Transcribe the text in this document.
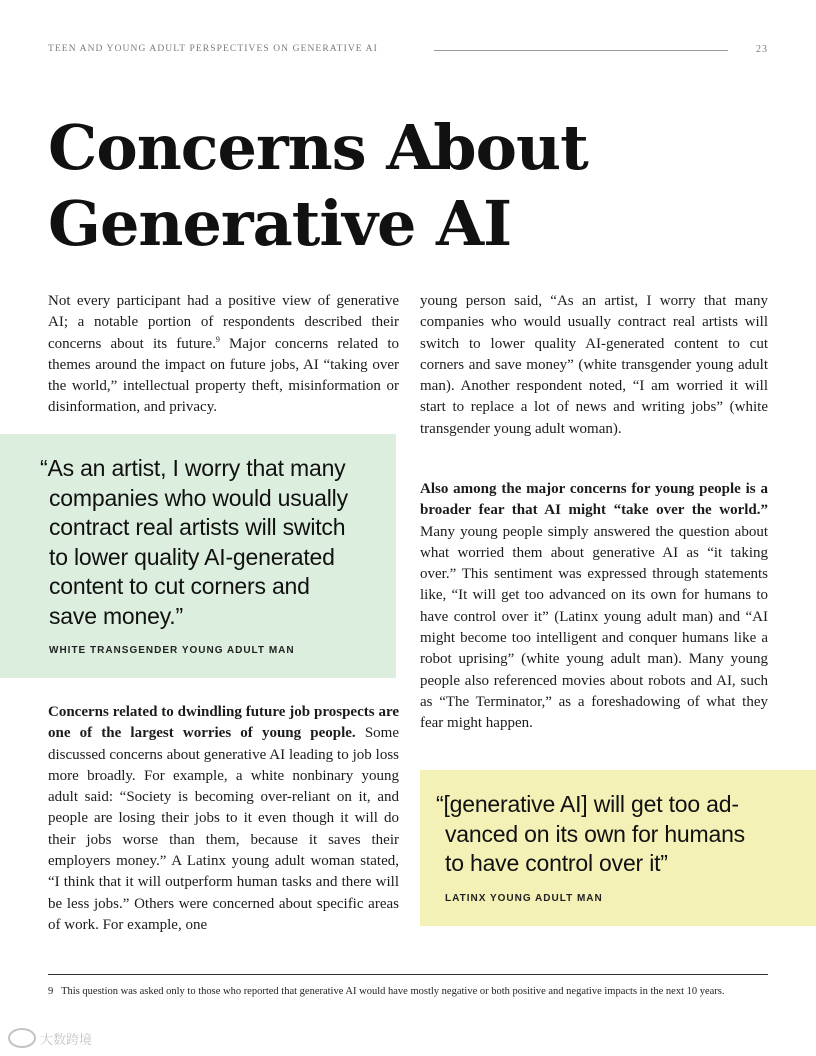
TEEN AND YOUNG ADULT PERSPECTIVES ON GENERATIVE AI	23
Concerns About
Generative AI
Not every participant had a positive view of generative AI; a notable portion of respondents described their concerns about its future.$^9$ Major concerns related to themes around the impact on future jobs, AI “taking over the world,” intellectual property theft, misinformation or disinformation, and privacy.
“As an artist, I worry that many
companies who would usually
contract real artists will switch
to lower quality AI-generated
content to cut corners and
save money.”
WHITE TRANSGENDER YOUNG ADULT MAN
Concerns related to dwindling future job prospects are one of the largest worries of young people. Some discussed concerns about generative AI leading to job loss more broadly. For example, a white nonbinary young adult said: “Society is becoming over-reliant on it, and people are losing their jobs to it even though it will do their jobs worse than them, because it saves their employers money.” A Latinx young adult woman stated, “I think that it will outperform human tasks and there will be less jobs.” Others were concerned about specific areas of work. For example, one
young person said, “As an artist, I worry that many companies who would usually contract real artists will switch to lower quality AI-generated content to cut corners and save money” (white transgender young adult man). Another respondent noted, “I am worried it will start to replace a lot of news and writing jobs” (white transgender young adult woman).
Also among the major concerns for young people is a broader fear that AI might “take over the world.” Many young people simply answered the question about what worried them about generative AI as “it taking over.” This sentiment was expressed through statements like, “It will get too advanced on its own for humans to have control over it” (Latinx young adult man) and “AI might become too intelligent and conquer humans like a robot uprising” (white young adult man). Many young people also referenced movies about robots and AI, such as “The Terminator,” as a foreshadowing of what they fear might happen.
“[generative AI] will get too ad-
vanced on its own for humans
to have control over it”
LATINX YOUNG ADULT MAN
9 This question was asked only to those who reported that generative AI would have mostly negative or both positive and negative impacts in the next 10 years.
大数跨境
